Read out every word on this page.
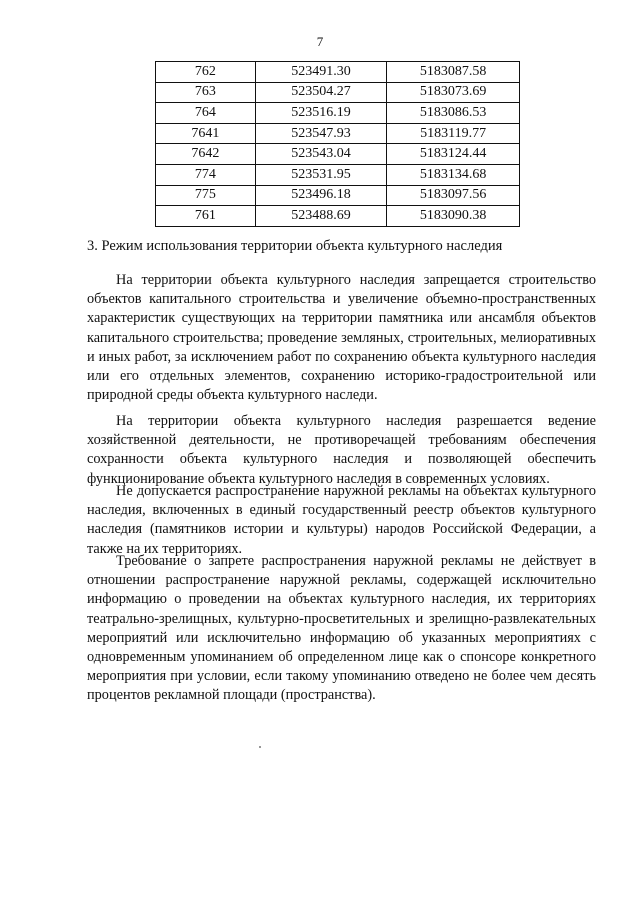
7
762	523491.30	5183087.58
763	523504.27	5183073.69
764	523516.19	5183086.53
7641	523547.93	5183119.77
7642	523543.04	5183124.44
774	523531.95	5183134.68
775	523496.18	5183097.56
761	523488.69	5183090.38
3. Режим использования территории объекта культурного наследия

На территории объекта культурного наследия запрещается строительство объектов капитального строительства и увеличение объемно-пространственных характеристик существующих на территории памятника или ансамбля объектов капитального строительства; проведение земляных, строительных, мелиоративных и иных работ, за исключением работ по сохранению объекта культурного наследия или его отдельных элементов, сохранению историко-градостроительной или природной среды объекта культурного наследи.

На территории объекта культурного наследия разрешается ведение хозяйственной деятельности, не противоречащей требованиям обеспечения сохранности объекта культурного наследия и позволяющей обеспечить функционирование объекта культурного наследия в современных условиях.

Не допускается распространение наружной рекламы на объектах культурного наследия, включенных в единый государственный реестр объектов культурного наследия (памятников истории и культуры) народов Российской Федерации, а также на их территориях.

Требование о запрете распространения наружной рекламы не действует в отношении распространение наружной рекламы, содержащей исключительно информацию о проведении на объектах культурного наследия, их территориях театрально-зрелищных, культурно-просветительных и зрелищно-развлекательных мероприятий или исключительно информацию об указанных мероприятиях с одновременным упоминанием об определенном лице как о спонсоре конкретного мероприятия при условии, если такому упоминанию отведено не более чем десять процентов рекламной площади (пространства).
